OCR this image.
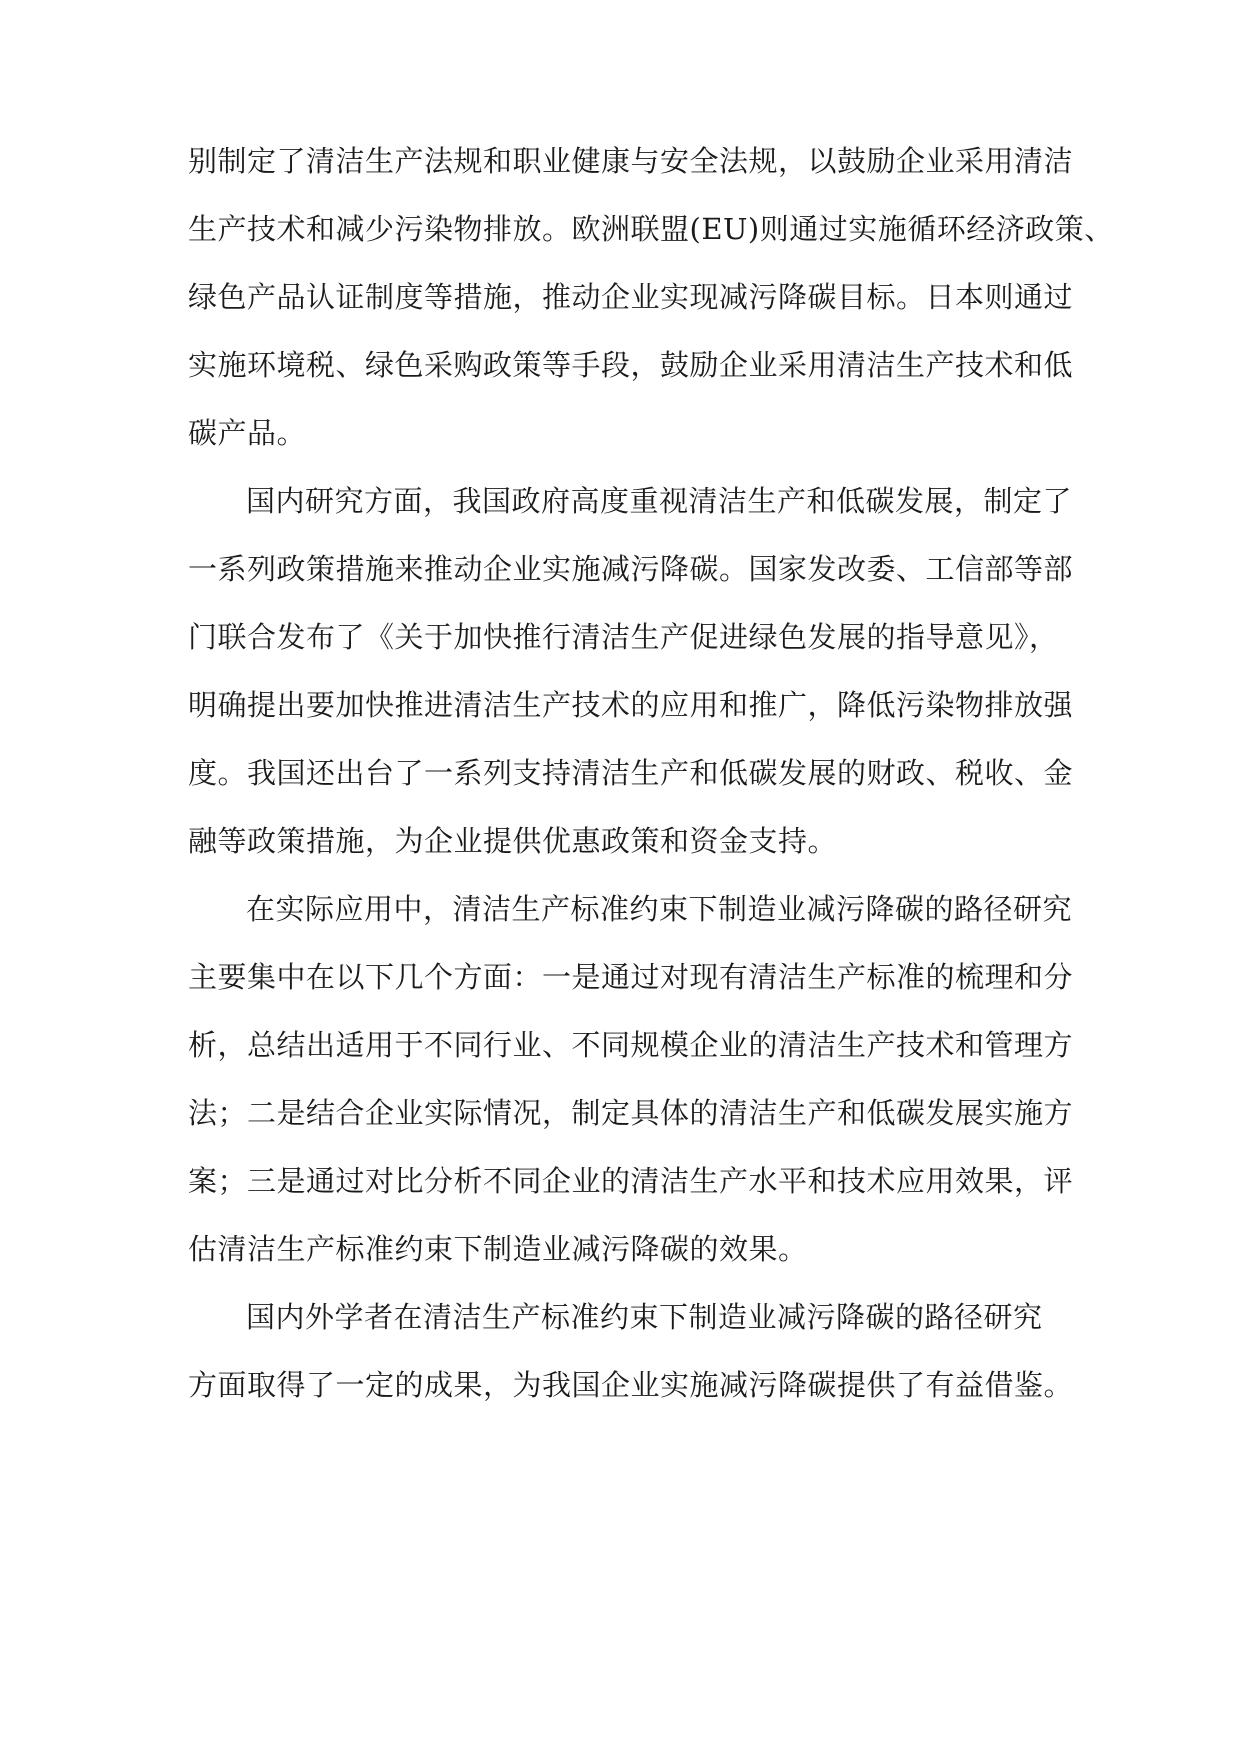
别制定了清洁生产法规和职业健康与安全法规，以鼓励企业采用清洁
生产技术和减少污染物排放。欧洲联盟(EU)则通过实施循环经济政策、
绿色产品认证制度等措施，推动企业实现减污降碳目标。日本则通过
实施环境税、绿色采购政策等手段，鼓励企业采用清洁生产技术和低
碳产品。
国内研究方面，我国政府高度重视清洁生产和低碳发展，制定了
一系列政策措施来推动企业实施减污降碳。国家发改委、工信部等部
门联合发布了《关于加快推行清洁生产促进绿色发展的指导意见》，
明确提出要加快推进清洁生产技术的应用和推广，降低污染物排放强
度。我国还出台了一系列支持清洁生产和低碳发展的财政、税收、金
融等政策措施，为企业提供优惠政策和资金支持。
在实际应用中，清洁生产标准约束下制造业减污降碳的路径研究
主要集中在以下几个方面：一是通过对现有清洁生产标准的梳理和分
析，总结出适用于不同行业、不同规模企业的清洁生产技术和管理方
法；二是结合企业实际情况，制定具体的清洁生产和低碳发展实施方
案；三是通过对比分析不同企业的清洁生产水平和技术应用效果，评
估清洁生产标准约束下制造业减污降碳的效果。
国内外学者在清洁生产标准约束下制造业减污降碳的路径研究
方面取得了一定的成果，为我国企业实施减污降碳提供了有益借鉴。
